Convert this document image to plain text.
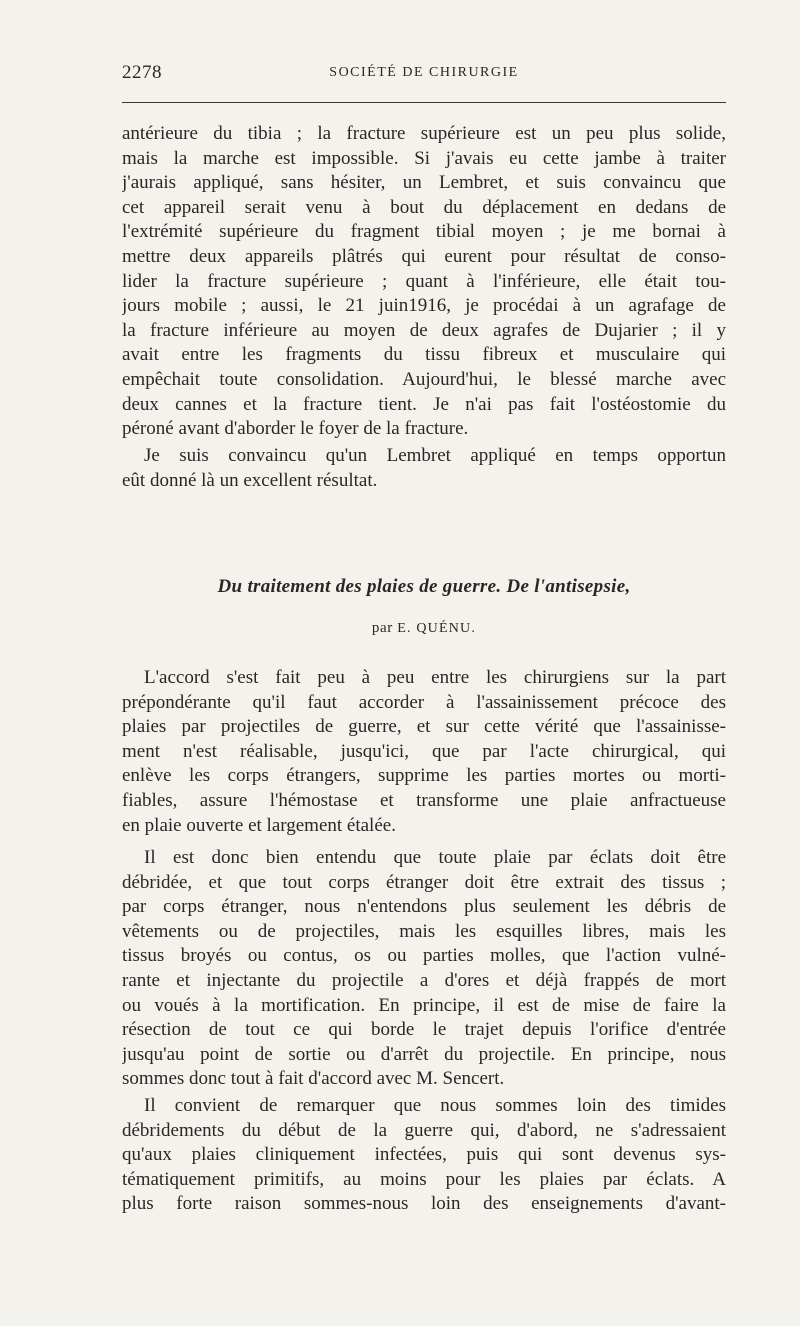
2278	SOCIÉTÉ DE CHIRURGIE
antérieure du tibia ; la fracture supérieure est un peu plus solide,
mais la marche est impossible. Si j'avais eu cette jambe à traiter
j'aurais appliqué, sans hésiter, un Lembret, et suis convaincu que
cet appareil serait venu à bout du déplacement en dedans de
l'extrémité supérieure du fragment tibial moyen ; je me bornai à
mettre deux appareils plâtrés qui eurent pour résultat de conso-
lider la fracture supérieure ; quant à l'inférieure, elle était tou-
jours mobile ; aussi, le 21 juin1916, je procédai à un agrafage de
la fracture inférieure au moyen de deux agrafes de Dujarier ; il y
avait entre les fragments du tissu fibreux et musculaire qui
empêchait toute consolidation. Aujourd'hui, le blessé marche avec
deux cannes et la fracture tient. Je n'ai pas fait l'ostéostomie du
péroné avant d'aborder le foyer de la fracture.
Je suis convaincu qu'un Lembret appliqué en temps opportun
eût donné là un excellent résultat.
Du traitement des plaies de guerre. De l'antisepsie,
par E. QUÉNU.
L'accord s'est fait peu à peu entre les chirurgiens sur la part
prépondérante qu'il faut accorder à l'assainissement précoce des
plaies par projectiles de guerre, et sur cette vérité que l'assainisse-
ment n'est réalisable, jusqu'ici, que par l'acte chirurgical, qui
enlève les corps étrangers, supprime les parties mortes ou morti-
fiables, assure l'hémostase et transforme une plaie anfractueuse
en plaie ouverte et largement étalée.
Il est donc bien entendu que toute plaie par éclats doit être
débridée, et que tout corps étranger doit être extrait des tissus ;
par corps étranger, nous n'entendons plus seulement les débris de
vêtements ou de projectiles, mais les esquilles libres, mais les
tissus broyés ou contus, os ou parties molles, que l'action vulné-
rante et injectante du projectile a d'ores et déjà frappés de mort
ou voués à la mortification. En principe, il est de mise de faire la
résection de tout ce qui borde le trajet depuis l'orifice d'entrée
jusqu'au point de sortie ou d'arrêt du projectile. En principe, nous
sommes donc tout à fait d'accord avec M. Sencert.
Il convient de remarquer que nous sommes loin des timides
débridements du début de la guerre qui, d'abord, ne s'adressaient
qu'aux plaies cliniquement infectées, puis qui sont devenus sys-
tématiquement primitifs, au moins pour les plaies par éclats. A
plus forte raison sommes-nous loin des enseignements d'avant-
